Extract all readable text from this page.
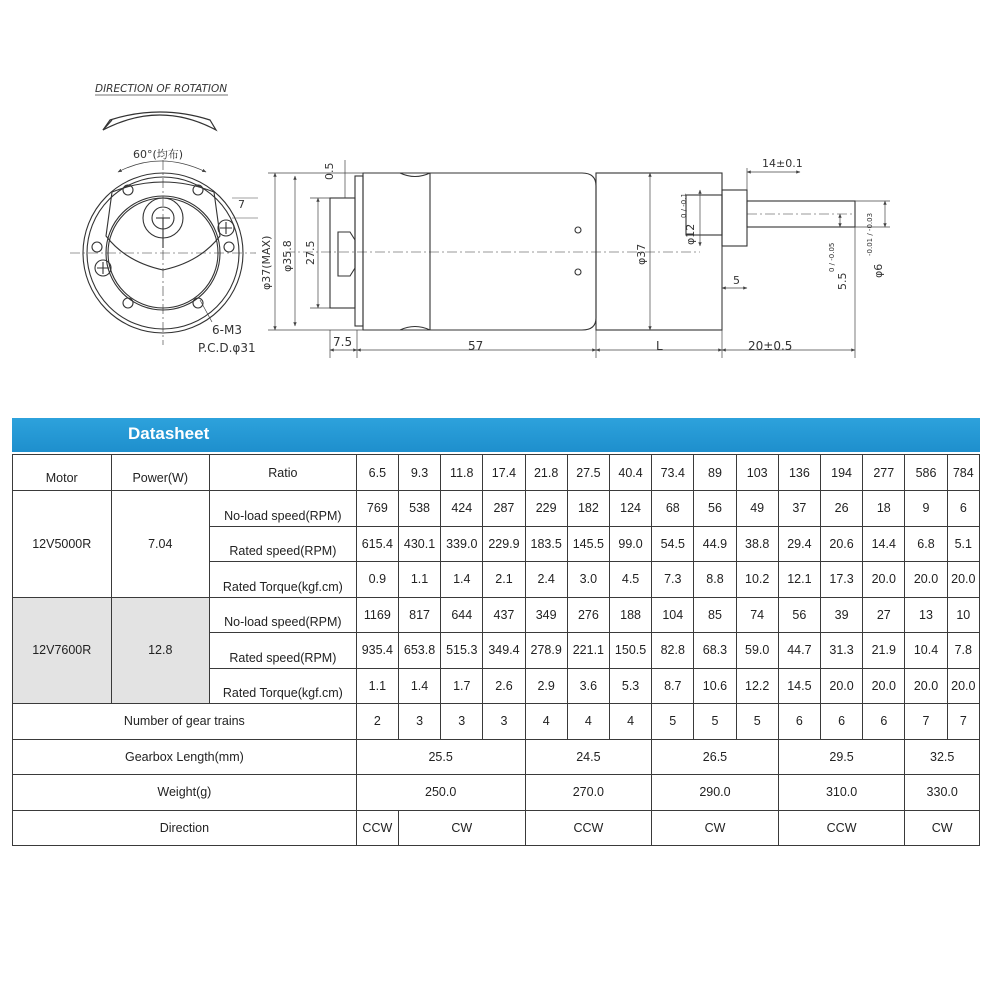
DIRECTION OF ROTATION
60°(均布)
7
6-M3
P.C.D.φ31
0.5
φ37(MAX) φ35.8 27.5
7.5	57
φ37
φ12
0 / -0.1
L
5
14±0.1
20±0.5
5.5
0 / -0.05	φ6
-0.01 / -0.03
Datasheet
Motor	Power(W)	Ratio	6.5	9.3	11.8	17.4	21.8	27.5	40.4	73.4	89	103	136	194	277	586	784
12V5000R	7.04	No-load speed(RPM)	769	538	424	287	229	182	124	68	56	49	37	26	18	9	6
		Rated speed(RPM)	615.4	430.1	339.0	229.9	183.5	145.5	99.0	54.5	44.9	38.8	29.4	20.6	14.4	6.8	5.1
		Rated Torque(kgf.cm)	0.9	1.1	1.4	2.1	2.4	3.0	4.5	7.3	8.8	10.2	12.1	17.3	20.0	20.0	20.0
12V7600R	12.8	No-load speed(RPM)	1169	817	644	437	349	276	188	104	85	74	56	39	27	13	10
		Rated speed(RPM)	935.4	653.8	515.3	349.4	278.9	221.1	150.5	82.8	68.3	59.0	44.7	31.3	21.9	10.4	7.8
		Rated Torque(kgf.cm)	1.1	1.4	1.7	2.6	2.9	3.6	5.3	8.7	10.6	12.2	14.5	20.0	20.0	20.0	20.0
Number of gear trains			2	3	3	3	4	4	4	5	5	5	6	6	6	7	7
Gearbox Length(mm)			25.5				24.5			26.5			29.5			32.5	
Weight(g)			250.0				270.0			290.0			310.0			330.0	
Direction			CCW	CW			CCW			CW			CCW			CW	
